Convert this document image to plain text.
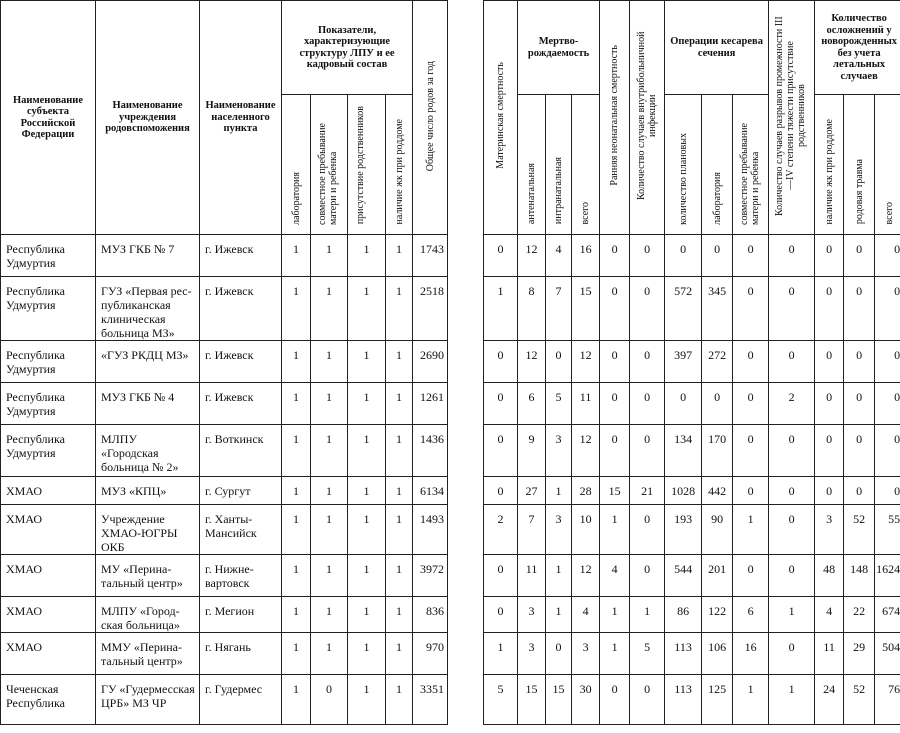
Наименование субъекта Российской Федерации	Наименование учреждения родовспоможения	Наименование населенного пункта	Показатели, характеризующие структуру ЛПУ и ее кадровый состав				Общее число родов за год		Материнская смертность	Мертво-рождаемость			Ранняя неонатальная смертность	Количество случаев внутрибольничной инфекции	Операции кесарева сечения			Количество случаев разрывов промежности III—IV степени тяжести присутствие родственников	Количество осложнений у новорожденных без учета летальных случаев		
			лаборатория	совместное пребывание матери и ребенка	присутствие родственников	наличие жк при роддоме				антенатальная	интранатальная	всего			количество плановых	лаборатория	совместное пребывание матери и ребенка		наличие жк при роддоме	родовая травма	всего
Республика Удмуртия	МУЗ ГКБ № 7	г. Ижевск	1	1	1	1	1743		0	12	4	16	0	0	0	0	0	0	0	0	0
Республика Удмуртия	ГУЗ «Первая рес-публиканская клиническая больница МЗ»	г. Ижевск	1	1	1	1	2518		1	8	7	15	0	0	572	345	0	0	0	0	0
Республика Удмуртия	«ГУЗ РКДЦ МЗ»	г. Ижевск	1	1	1	1	2690		0	12	0	12	0	0	397	272	0	0	0	0	0
Республика Удмуртия	МУЗ ГКБ № 4	г. Ижевск	1	1	1	1	1261		0	6	5	11	0	0	0	0	0	2	0	0	0
Республика Удмуртия	МЛПУ «Городская больница № 2»	г. Воткинск	1	1	1	1	1436		0	9	3	12	0	0	134	170	0	0	0	0	0
ХМАО	МУЗ «КПЦ»	г. Сургут	1	1	1	1	6134		0	27	1	28	15	21	1028	442	0	0	0	0	0
ХМАО	Учреждение ХМАО-ЮГРЫ ОКБ	г. Ханты-Мансийск	1	1	1	1	1493		2	7	3	10	1	0	193	90	1	0	3	52	55
ХМАО	МУ «Перинатальный центр»	г. Нижневартовск	1	1	1	1	3972		0	11	1	12	4	0	544	201	0	0	48	148	1624
ХМАО	МЛПУ «Городская больница»	г. Мегион	1	1	1	1	836		0	3	1	4	1	1	86	122	6	1	4	22	674
ХМАО	ММУ «Перинатальный центр»	г. Нягань	1	1	1	1	970		1	3	0	3	1	5	113	106	16	0	11	29	504
Чеченская Республика	ГУ «Гудермесская ЦРБ» МЗ ЧР	г. Гудермес	1	0	1	1	3351		5	15	15	30	0	0	113	125	1	1	24	52	76
